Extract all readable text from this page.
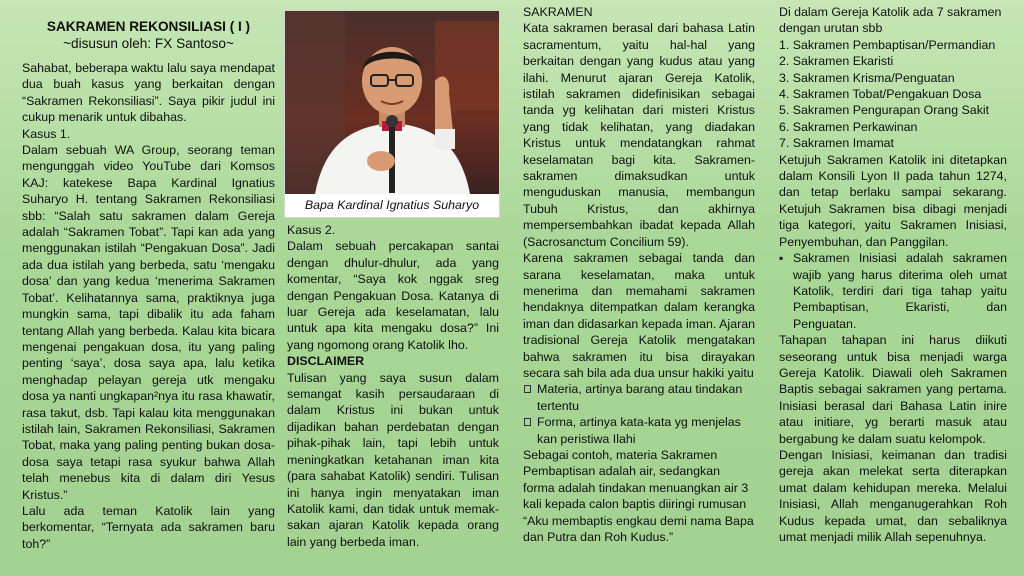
SAKRAMEN REKONSILIASI ( I )
~disusun oleh: FX Santoso~

Sahabat, beberapa waktu lalu saya mendapat dua buah kasus yang berkaitan dengan “Sakramen Rekonsiliasi”. Saya pikir judul ini cukup menarik untuk dibahas.

Kasus 1.

Dalam sebuah WA Group, seorang teman mengunggah video YouTube dari Komsos KAJ: katekese Bapa Kardinal Ignatius Suharyo H. tentang Sakramen Rekonsiliasi sbb: “Salah satu sakramen dalam Gereja adalah “Sakramen Tobat”. Tapi kan ada yang menggunakan istilah “Pengakuan Dosa”. Jadi ada dua istilah yang berbeda, satu ‘mengaku dosa’ dan yang kedua ‘menerima Sakramen Tobat’. Kelihatannya sama, praktiknya juga mungkin sama, tapi dibalik itu ada faham tentang Allah yang berbeda. Kalau kita bicara mengenai pengakuan dosa, itu yang paling penting ‘saya’, dosa saya apa, lalu ketika menghadap pelayan gereja utk mengaku dosa ya nanti ungkapan²nya itu rasa khawatir, rasa takut, dsb. Tapi kalau kita menggunakan istilah lain, Sakramen Rekonsiliasi, Sakramen Tobat, maka yang paling penting bukan dosa-dosa saya tetapi rasa syukur bahwa Allah telah menebus kita di dalam diri Yesus Kristus.”

Lalu ada teman Katolik lain yang berkomentar, “Ternyata ada sakramen baru toh?”

Bapa Kardinal Ignatius Suharyo

Kasus 2.

Dalam sebuah percakapan santai dengan dhulur-dhulur, ada yang komentar, “Saya kok nggak sreg dengan Pengakuan Dosa. Katanya di luar Gereja ada keselamatan, lalu untuk apa kita mengaku dosa?” Ini yang ngomong orang Katolik lho.

DISCLAIMER

Tulisan yang saya susun dalam semangat kasih persaudaraan di dalam Kristus ini bukan untuk dijadikan bahan perdebatan dengan pihak-pihak lain, tapi lebih untuk meningkatkan ketahanan iman kita (para sahabat Katolik) sendiri. Tulisan ini hanya ingin menyatakan iman Katolik kami, dan tidak untuk memak-sakan ajaran Katolik kepada orang lain yang berbeda iman.

SAKRAMEN

Kata sakramen berasal dari bahasa Latin sacramentum, yaitu hal-hal yang berkaitan dengan yang kudus atau yang ilahi. Menurut ajaran Gereja Katolik, istilah sakramen didefinisikan sebagai tanda yg kelihatan dari misteri Kristus yang tidak kelihatan, yang diadakan Kristus untuk mendatangkan rahmat keselamatan bagi kita. Sakramen-sakramen dimaksudkan untuk menguduskan manusia, membangun Tubuh Kristus, dan akhirnya mempersembahkan ibadat kepada Allah (Sacrosanctum Concilium 59).

Karena sakramen sebagai tanda dan sarana keselamatan, maka untuk menerima dan memahami sakramen hendaknya ditempatkan dalam kerangka iman dan didasarkan kepada iman. Ajaran tradisional Gereja Katolik mengatakan bahwa sakramen itu bisa dirayakan secara sah bila ada dua unsur hakiki yaitu

Materia, artinya barang atau tindakan tertentu
Forma, artinya kata-kata yg menjelas kan peristiwa Ilahi

Sebagai contoh, materia Sakramen Pembaptisan adalah air, sedangkan forma adalah tindakan menuangkan air 3 kali kepada calon baptis diiringi rumusan “Aku membaptis engkau demi nama Bapa dan Putra dan Roh Kudus.”

Di dalam Gereja Katolik ada 7 sakramen dengan urutan sbb

1. Sakramen Pembaptisan/Permandian
2. Sakramen Ekaristi
3. Sakramen Krisma/Penguatan
4. Sakramen Tobat/Pengakuan Dosa
5. Sakramen Pengurapan Orang Sakit
6. Sakramen Perkawinan
7. Sakramen Imamat

Ketujuh Sakramen Katolik ini ditetapkan dalam Konsili Lyon II pada tahun 1274, dan tetap berlaku sampai sekarang. Ketujuh Sakramen bisa dibagi menjadi tiga kategori, yaitu Sakramen Inisiasi, Penyembuhan, dan Panggilan.

▪ Sakramen Inisiasi adalah sakramen wajib yang harus diterima oleh umat Katolik, terdiri dari tiga tahap yaitu Pembaptisan, Ekaristi, dan Penguatan.

Tahapan tahapan ini harus diikuti seseorang untuk bisa menjadi warga Gereja Katolik. Diawali oleh Sakramen Baptis sebagai sakramen yang pertama. Inisiasi berasal dari Bahasa Latin inire atau initiare, yg berarti masuk atau bergabung ke dalam suatu kelompok.

Dengan Inisiasi, keimanan dan tradisi gereja akan melekat serta diterapkan umat dalam kehidupan mereka. Melalui Inisiasi, Allah menganugerahkan Roh Kudus kepada umat, dan sebaliknya umat menjadi milik Allah sepenuhnya.
